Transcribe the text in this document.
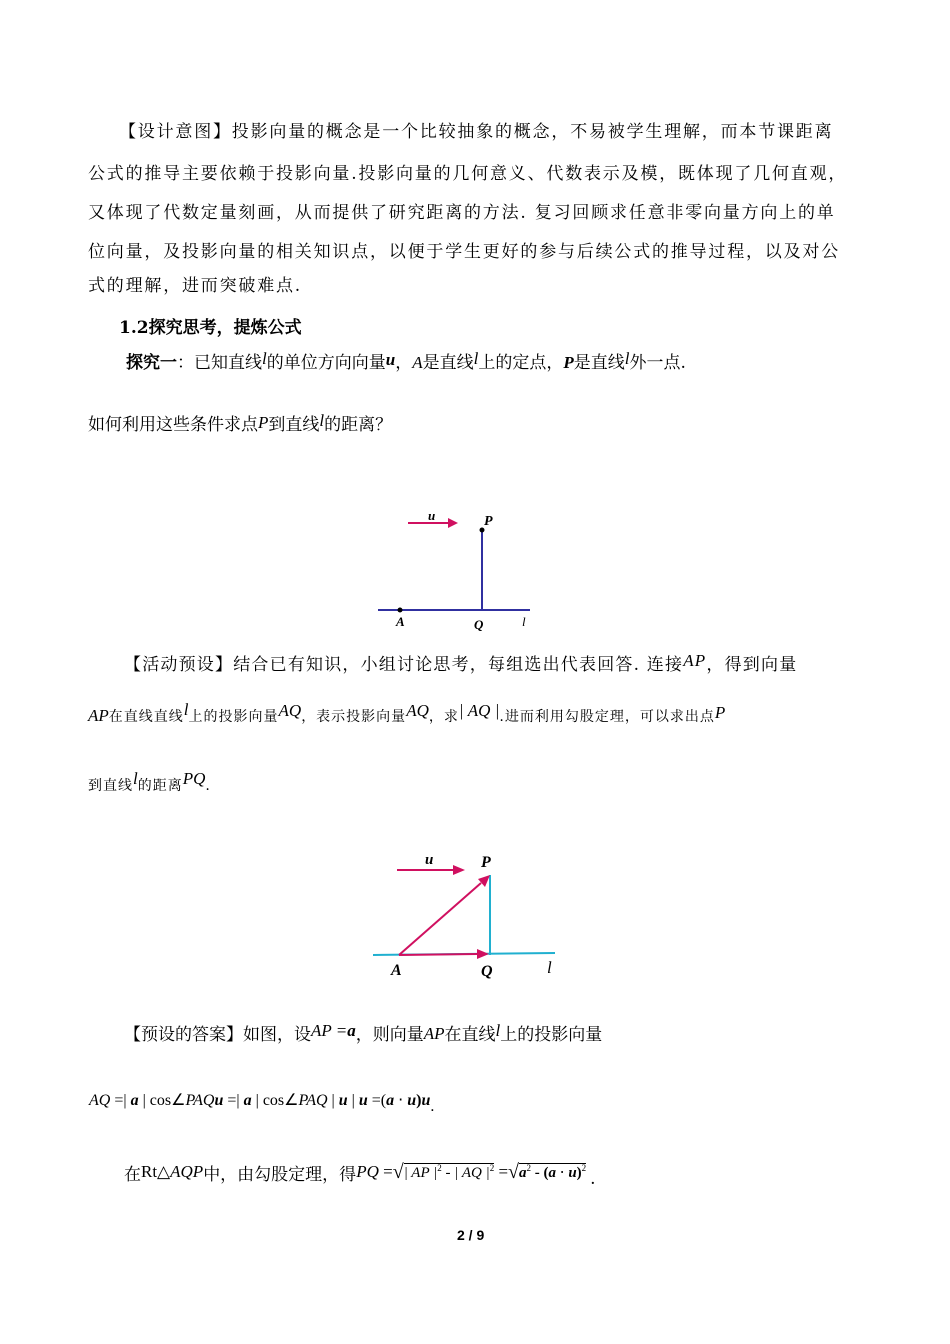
【设计意图】投影向量的概念是一个比较抽象的概念，不易被学生理解，而本节课距离
公式的推导主要依赖于投影向量.投影向量的几何意义、代数表示及模，既体现了几何直观，
又体现了代数定量刻画，从而提供了研究距离的方法. 复习回顾求任意非零向量方向上的单
位向量，及投影向量的相关知识点，以便于学生更好的参与后续公式的推导过程，以及对公
式的理解，进而突破难点.
1.2探究思考，提炼公式
探究一：已知直线l的单位方向向量u，A是直线l上的定点，P是直线l外一点.
如何利用这些条件求点P到直线l的距离？
u	P
A	Q	l
【活动预设】结合已有知识，小组讨论思考，每组选出代表回答. 连接AP，得到向量
AP在直线直线l上的投影向量AQ，表示投影向量AQ，求| AQ |.进而利用勾股定理，可以求出点P
到直线l的距离PQ.
u	P
A	Q	l
【预设的答案】如图，设AP =a，则向量AP在直线l上的投影向量
AQ =| a | cos∠PAQu =| a | cos∠PAQ | u | u =(a ⋅ u)u.
在Rt△AQP中，由勾股定理，得PQ =√| AP $|^2$ - | AQ $|^2 =√a^2 - (a \cdot u)^2$.
2 / 9
